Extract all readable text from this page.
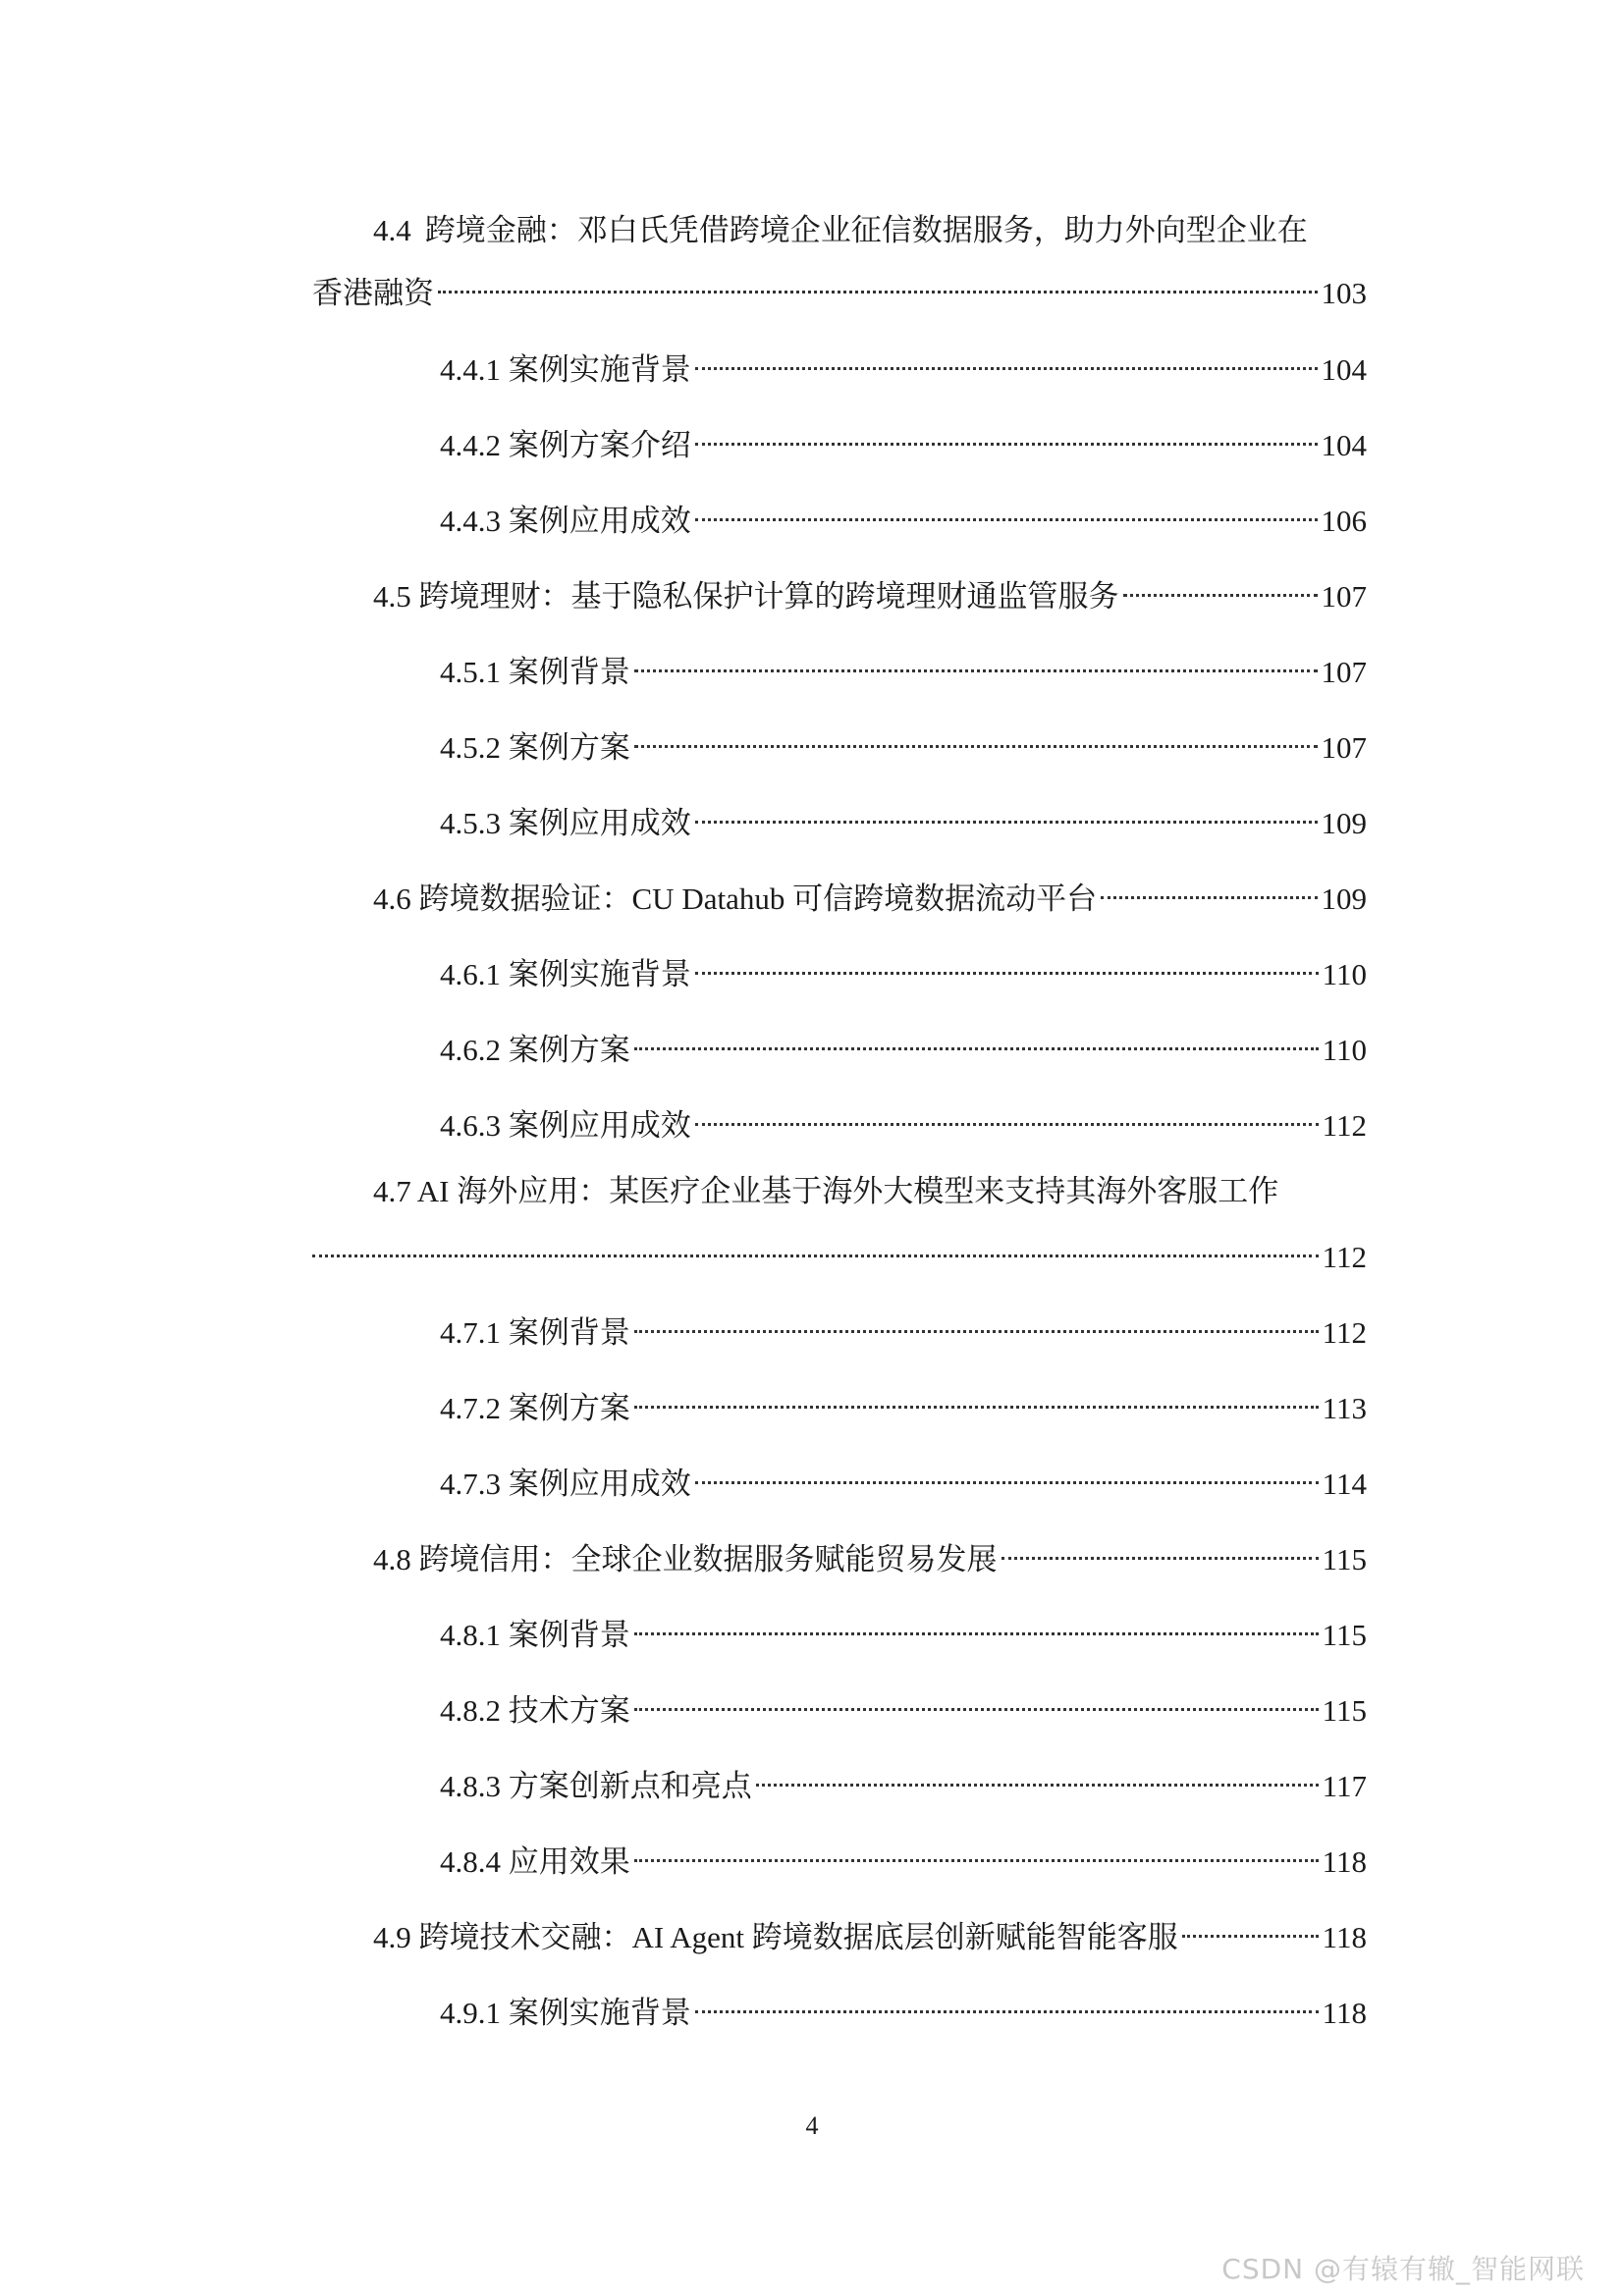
4.4 跨境金融：邓白氏凭借跨境企业征信数据服务，助力外向型企业在
香港融资	103
4.4.1 案例实施背景	104
4.4.2 案例方案介绍	104
4.4.3 案例应用成效	106
4.5 跨境理财：基于隐私保护计算的跨境理财通监管服务	107
4.5.1 案例背景	107
4.5.2 案例方案	107
4.5.3 案例应用成效	109
4.6 跨境数据验证：CU Datahub 可信跨境数据流动平台	109
4.6.1 案例实施背景	110
4.6.2 案例方案	110
4.6.3 案例应用成效	112
4.7 AI 海外应用：某医疗企业基于海外大模型来支持其海外客服工作
112
4.7.1 案例背景	112
4.7.2 案例方案	113
4.7.3 案例应用成效	114
4.8 跨境信用：全球企业数据服务赋能贸易发展	115
4.8.1 案例背景	115
4.8.2 技术方案	115
4.8.3 方案创新点和亮点	117
4.8.4 应用效果	118
4.9 跨境技术交融：AI Agent 跨境数据底层创新赋能智能客服	118
4.9.1 案例实施背景	118
4
CSDN @有辕有辙_智能网联
